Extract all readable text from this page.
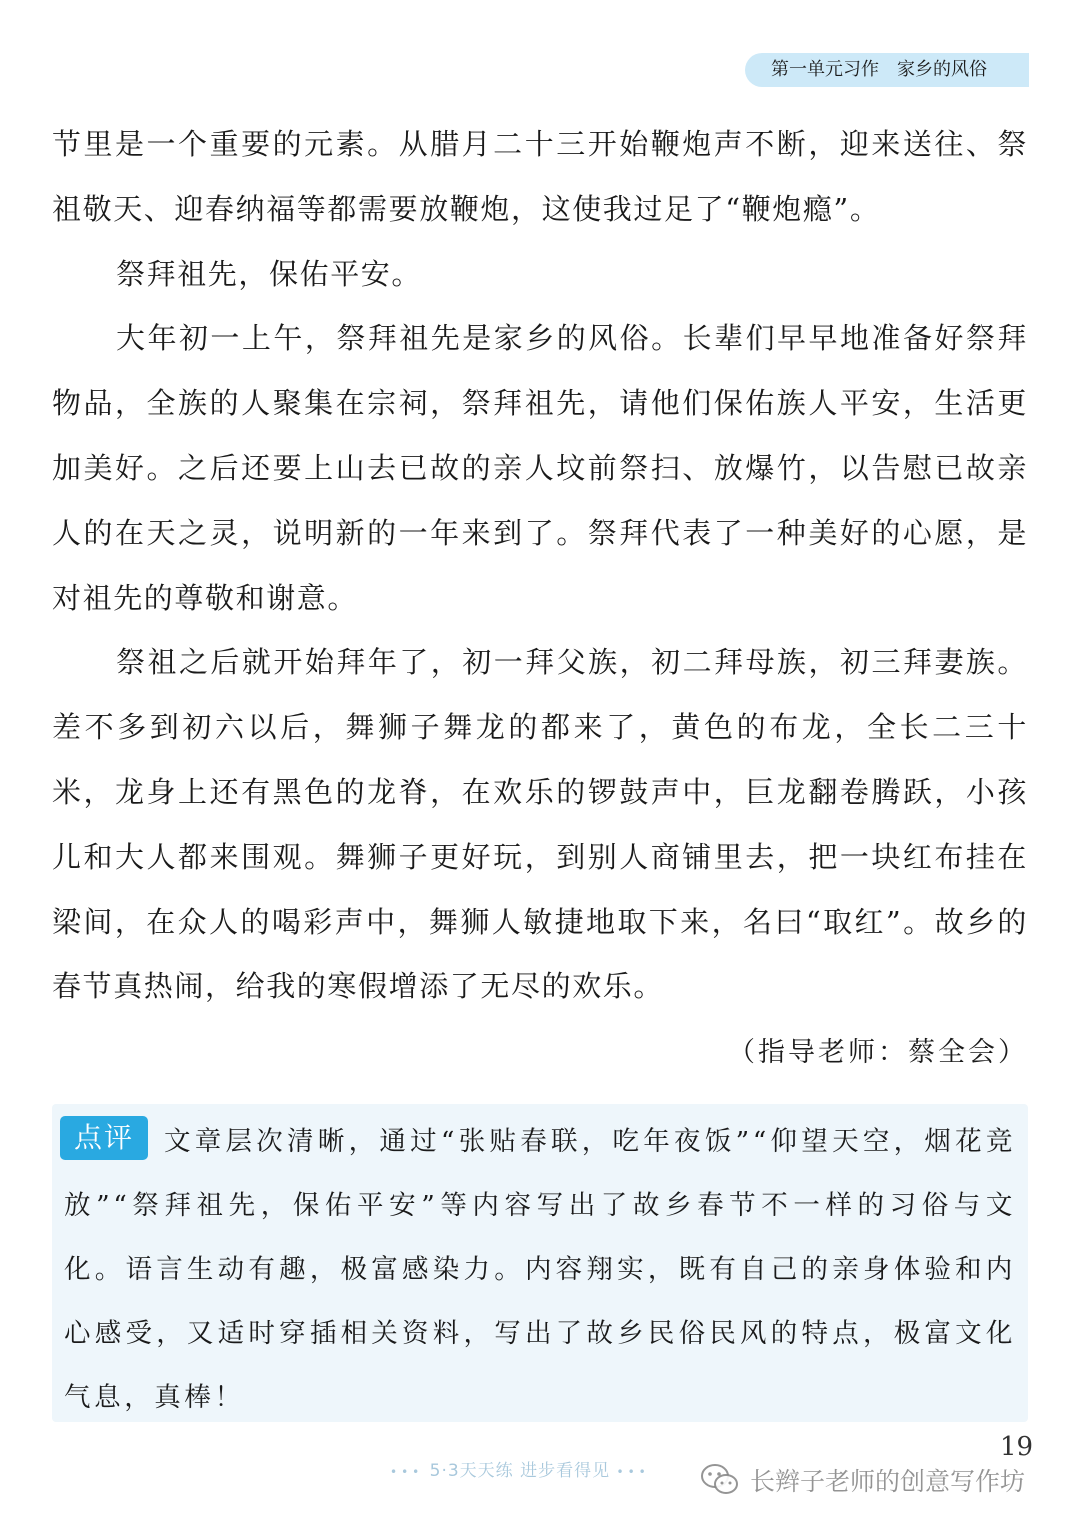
第一单元习作 家乡的风俗

节里是一个重要的元素。从腊月二十三开始鞭炮声不断，迎来送往、祭祖敬天、迎春纳福等都需要放鞭炮，这使我过足了“鞭炮瘾”。

祭拜祖先，保佑平安。

大年初一上午，祭拜祖先是家乡的风俗。长辈们早早地准备好祭拜物品，全族的人聚集在宗祠，祭拜祖先，请他们保佑族人平安，生活更加美好。之后还要上山去已故的亲人坟前祭扫、放爆竹，以告慰已故亲人的在天之灵，说明新的一年来到了。祭拜代表了一种美好的心愿，是对祖先的尊敬和谢意。

祭祖之后就开始拜年了，初一拜父族，初二拜母族，初三拜妻族。差不多到初六以后，舞狮子舞龙的都来了，黄色的布龙，全长二三十米，龙身上还有黑色的龙脊，在欢乐的锣鼓声中，巨龙翻卷腾跃，小孩儿和大人都来围观。舞狮子更好玩，到别人商铺里去，把一块红布挂在梁间，在众人的喝彩声中，舞狮人敏捷地取下来，名曰“取红”。故乡的春节真热闹，给我的寒假增添了无尽的欢乐。

（指导老师：蔡全会）
点评	文章层次清晰，通过“张贴春联，吃年夜饭”“仰望天空，烟花竞放”“祭拜祖先，保佑平安”等内容写出了故乡春节不一样的习俗与文化。语言生动有趣，极富感染力。内容翔实，既有自己的亲身体验和内心感受，又适时穿插相关资料，写出了故乡民俗民风的特点，极富文化气息，真棒！

••• 5·3天天练 进步看得见 •••
19
长辫子老师的创意写作坊
